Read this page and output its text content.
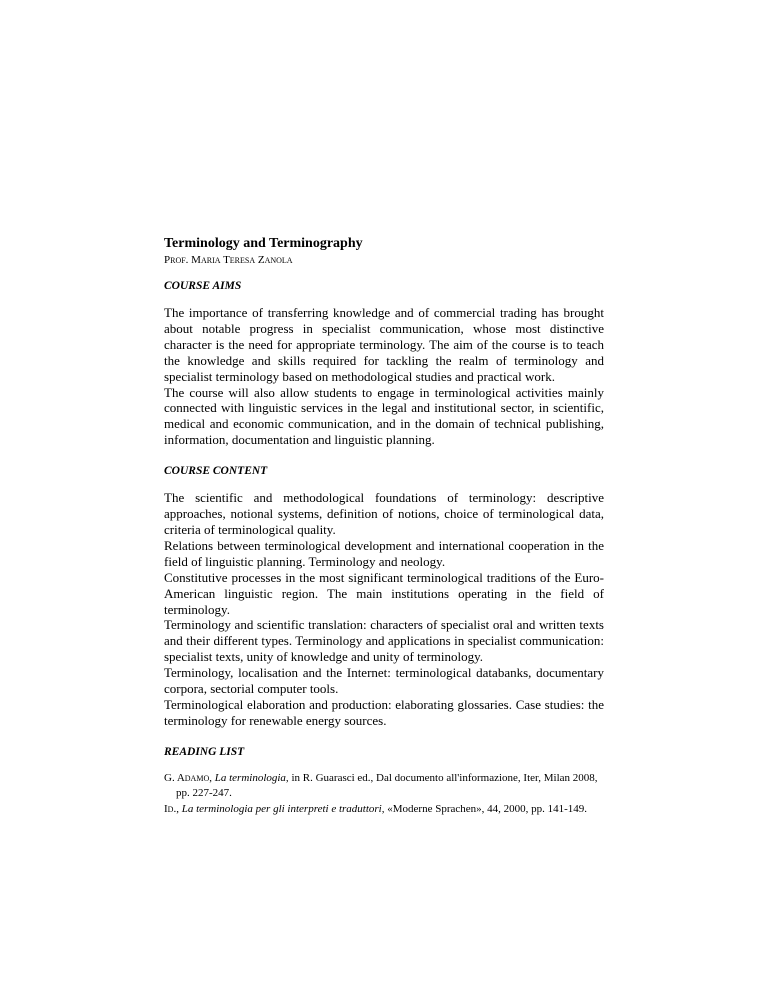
Terminology and Terminography
Prof. Maria Teresa Zanola
COURSE AIMS

The importance of transferring knowledge and of commercial trading has brought about notable progress in specialist communication, whose most distinctive character is the need for appropriate terminology. The aim of the course is to teach the knowledge and skills required for tackling the realm of terminology and specialist terminology based on methodological studies and practical work.

The course will also allow students to engage in terminological activities mainly connected with linguistic services in the legal and institutional sector, in scientific, medical and economic communication, and in the domain of technical publishing, information, documentation and linguistic planning.

COURSE CONTENT

The scientific and methodological foundations of terminology: descriptive approaches, notional systems, definition of notions, choice of terminological data, criteria of terminological quality.

Relations between terminological development and international cooperation in the field of linguistic planning. Terminology and neology.

Constitutive processes in the most significant terminological traditions of the Euro-American linguistic region. The main institutions operating in the field of terminology.

Terminology and scientific translation: characters of specialist oral and written texts and their different types. Terminology and applications in specialist communication: specialist texts, unity of knowledge and unity of terminology.

Terminology, localisation and the Internet: terminological databanks, documentary corpora, sectorial computer tools.

Terminological elaboration and production: elaborating glossaries. Case studies: the terminology for renewable energy sources.

READING LIST
G. Adamo, La terminologia, in R. Guarasci ed., Dal documento all'informazione, Iter, Milan 2008, pp. 227-247.
Id., La terminologia per gli interpreti e traduttori, «Moderne Sprachen», 44, 2000, pp. 141-149.
